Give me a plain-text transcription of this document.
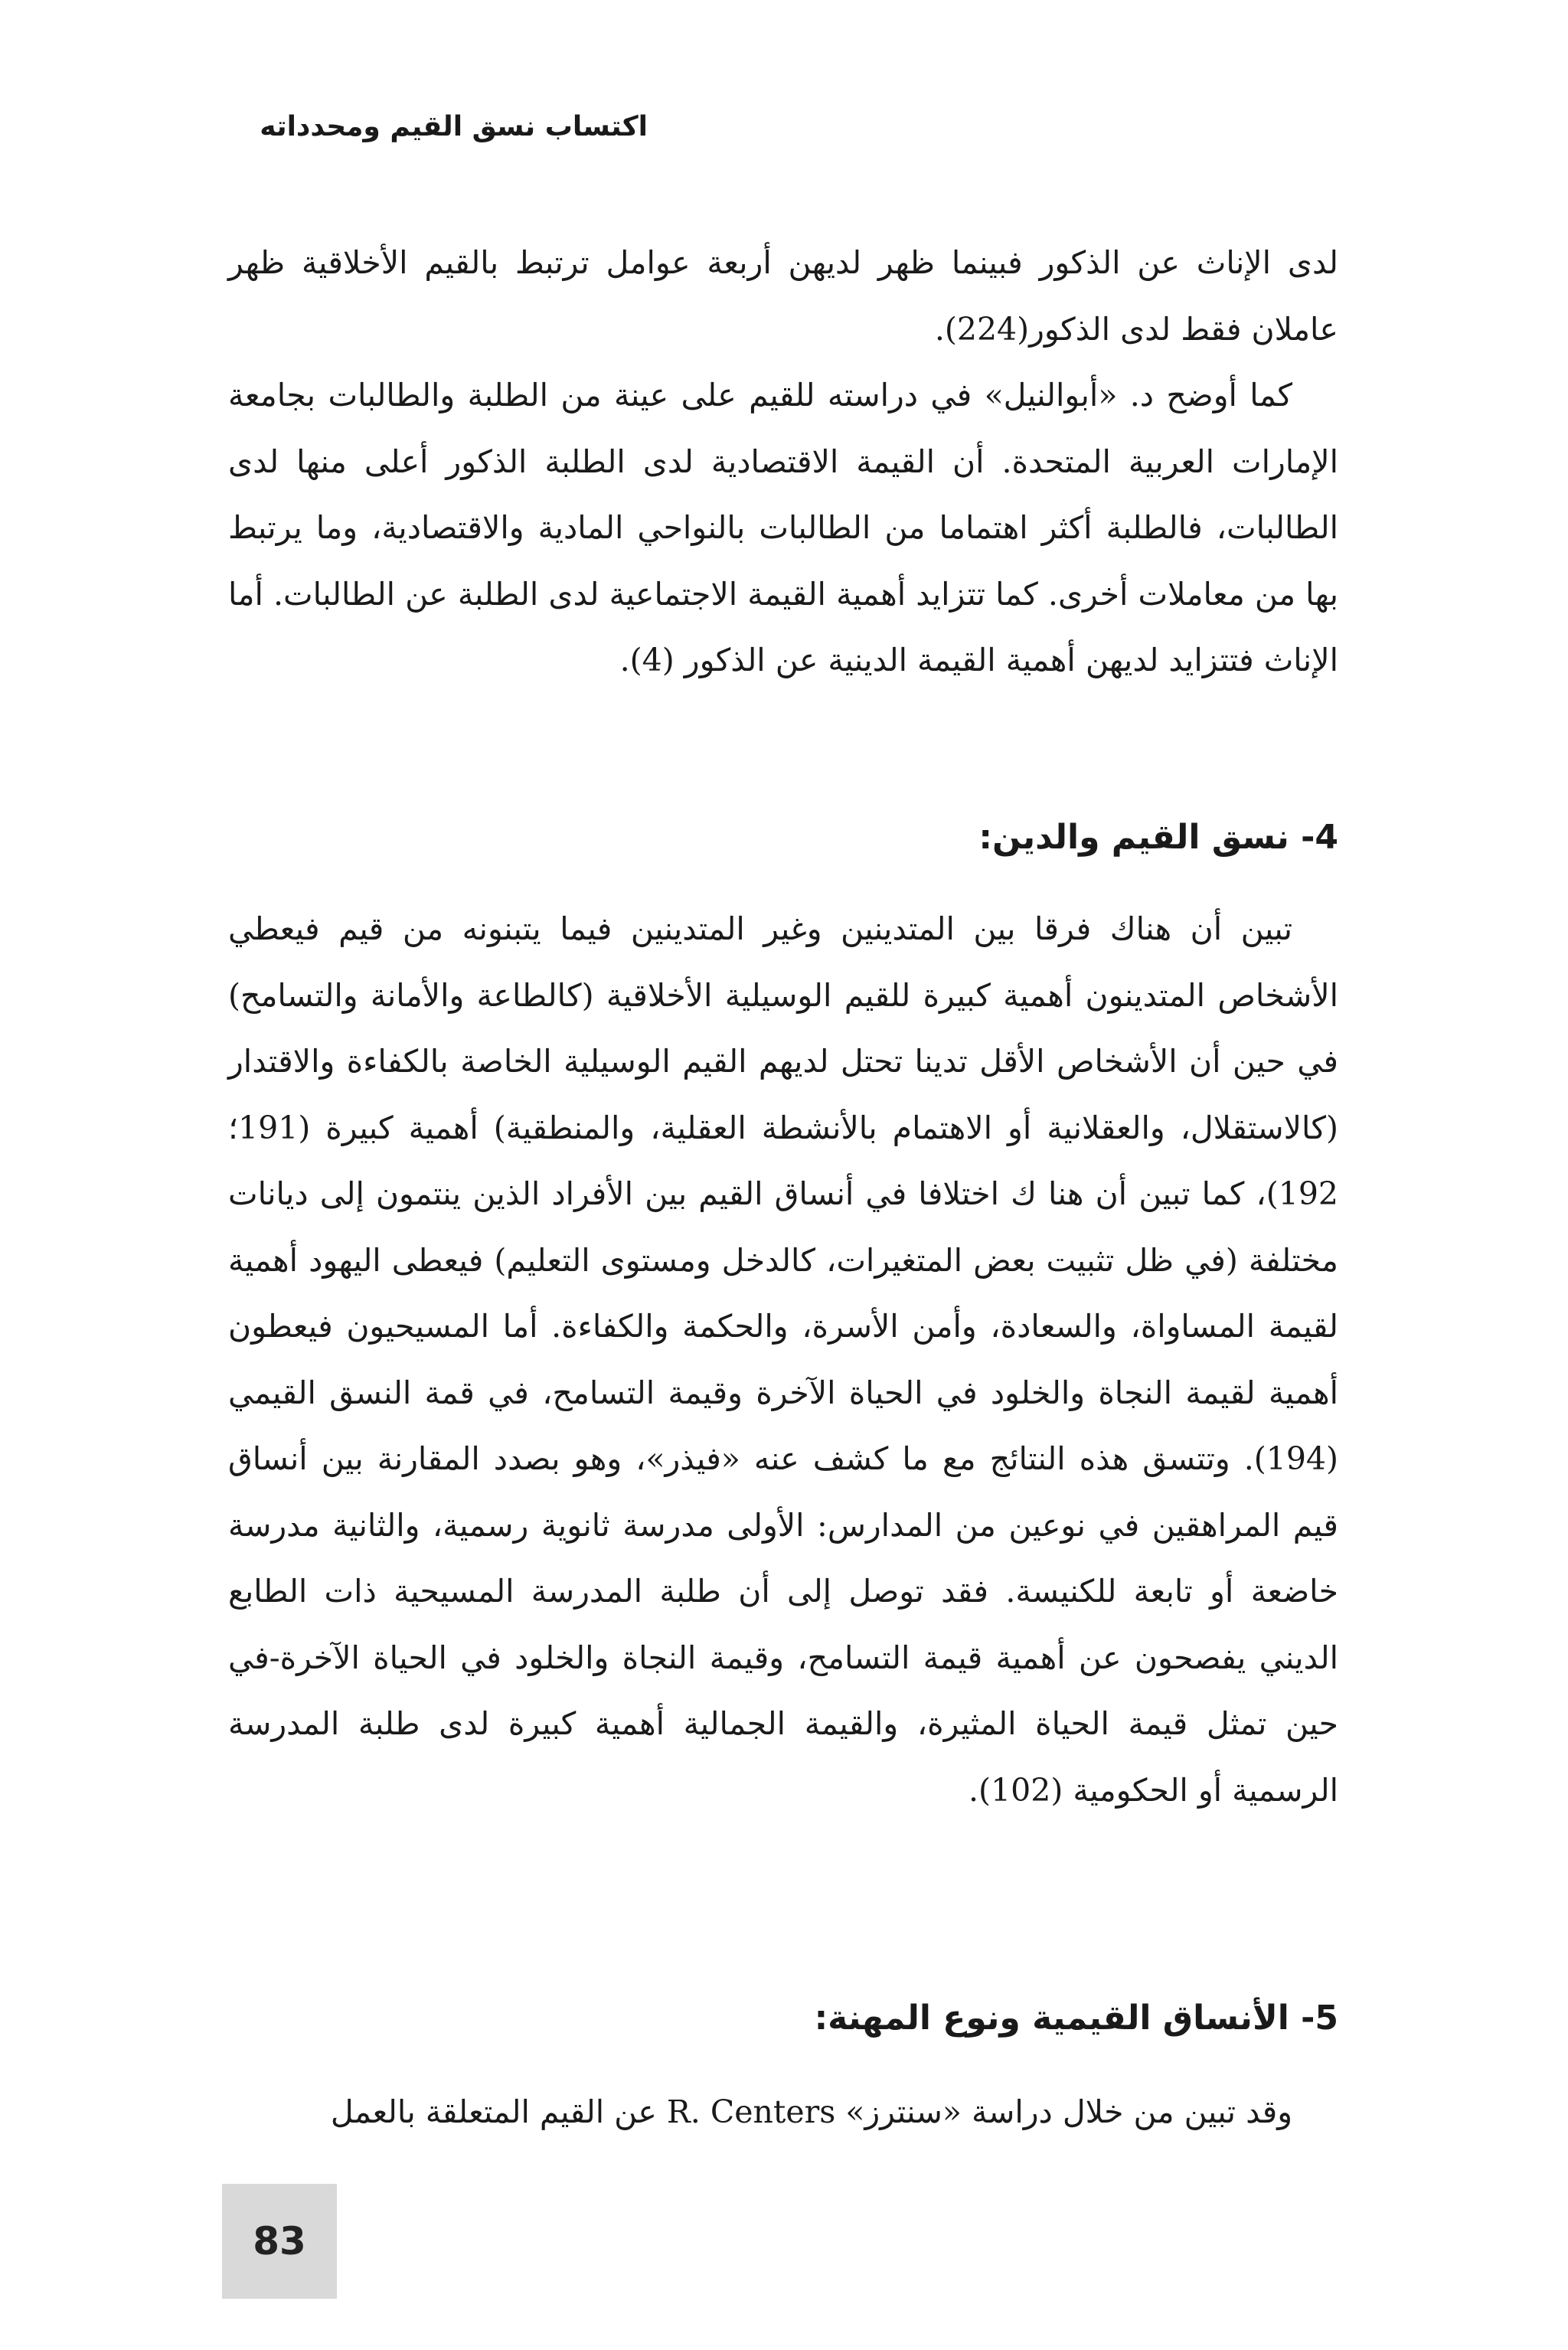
اكتساب نسق القيم ومحدداته

لدى الإناث عن الذكور فبينما ظهر لديهن أربعة عوامل ترتبط بالقيم الأخلاقية ظهر عاملان فقط لدى الذكور(224).

كما أوضح د. «أبوالنيل» في دراسته للقيم على عينة من الطلبة والطالبات بجامعة الإمارات العربية المتحدة. أن القيمة الاقتصادية لدى الطلبة الذكور أعلى منها لدى الطالبات، فالطلبة أكثر اهتماما من الطالبات بالنواحي المادية والاقتصادية، وما يرتبط بها من معاملات أخرى. كما تتزايد أهمية القيمة الاجتماعية لدى الطلبة عن الطالبات. أما الإناث فتتزايد لديهن أهمية القيمة الدينية عن الذكور (4).

4- نسق القيم والدين:

تبين أن هناك فرقا بين المتدينين وغير المتدينين فيما يتبنونه من قيم فيعطي الأشخاص المتدينون أهمية كبيرة للقيم الوسيلية الأخلاقية (كالطاعة والأمانة والتسامح) في حين أن الأشخاص الأقل تدينا تحتل لديهم القيم الوسيلية الخاصة بالكفاءة والاقتدار (كالاستقلال، والعقلانية أو الاهتمام بالأنشطة العقلية، والمنطقية) أهمية كبيرة (191؛ 192)، كما تبين أن هنا ك اختلافا في أنساق القيم بين الأفراد الذين ينتمون إلى ديانات مختلفة (في ظل تثبيت بعض المتغيرات، كالدخل ومستوى التعليم) فيعطى اليهود أهمية لقيمة المساواة، والسعادة، وأمن الأسرة، والحكمة والكفاءة. أما المسيحيون فيعطون أهمية لقيمة النجاة والخلود في الحياة الآخرة وقيمة التسامح، في قمة النسق القيمي (194). وتتسق هذه النتائج مع ما كشف عنه «فيذر»، وهو بصدد المقارنة بين أنساق قيم المراهقين في نوعين من المدارس: الأولى مدرسة ثانوية رسمية، والثانية مدرسة خاضعة أو تابعة للكنيسة. فقد توصل إلى أن طلبة المدرسة المسيحية ذات الطابع الديني يفصحون عن أهمية قيمة التسامح، وقيمة النجاة والخلود في الحياة الآخرة-في حين تمثل قيمة الحياة المثيرة، والقيمة الجمالية أهمية كبيرة لدى طلبة المدرسة الرسمية أو الحكومية (102).

5- الأنساق القيمية ونوع المهنة:

وقد تبين من خلال دراسة «سنترز» R. Centers عن القيم المتعلقة بالعمل

83
